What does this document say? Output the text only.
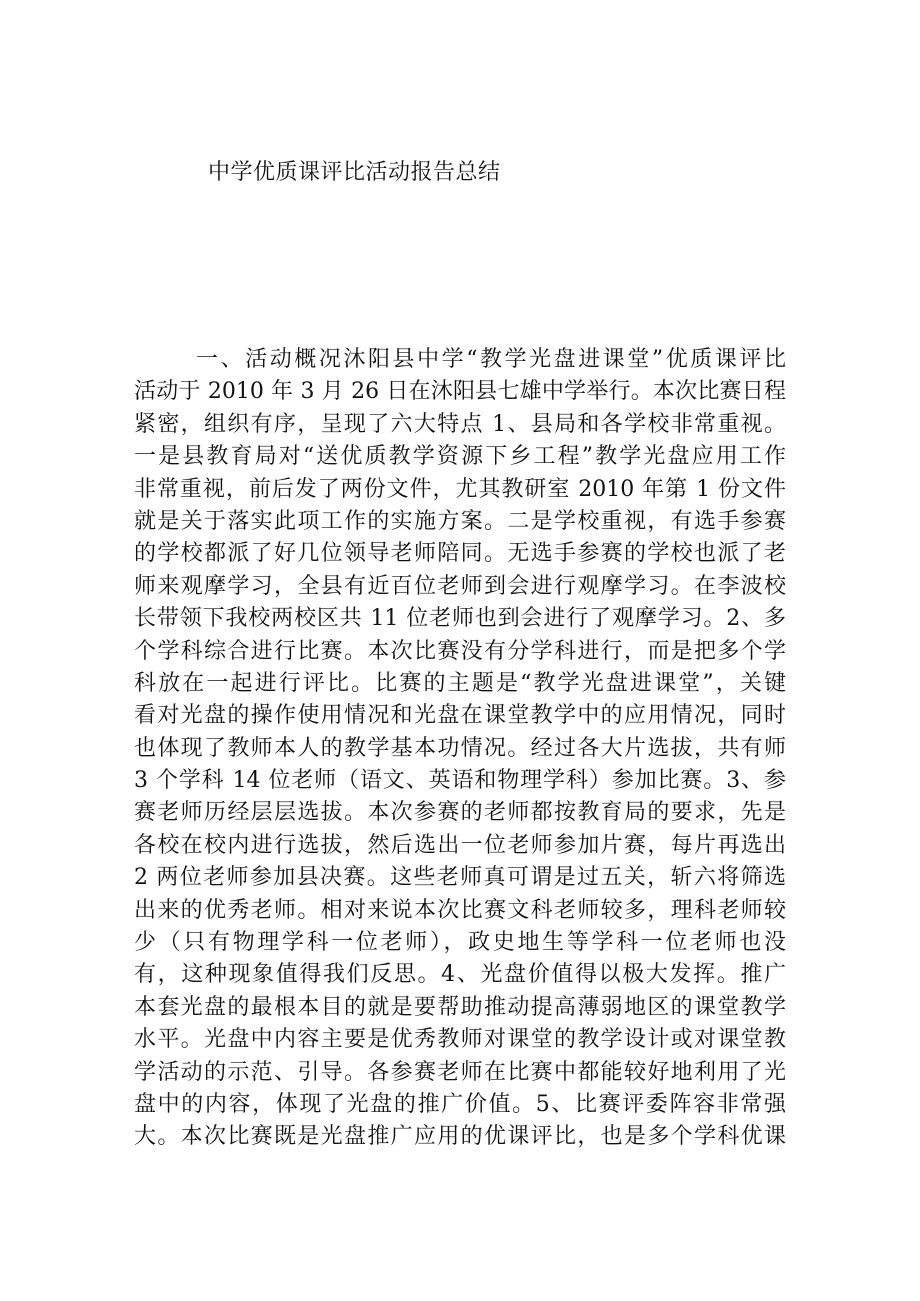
中学优质课评比活动报告总结
一、活动概况沐阳县中学“教学光盘进课堂”优质课评比
活动于 2010 年 3 月 26 日在沐阳县七雄中学举行。本次比赛日程
紧密，组织有序，呈现了六大特点 1、县局和各学校非常重视。
一是县教育局对“送优质教学资源下乡工程”教学光盘应用工作
非常重视，前后发了两份文件，尤其教研室 2010 年第 1 份文件
就是关于落实此项工作的实施方案。二是学校重视，有选手参赛
的学校都派了好几位领导老师陪同。无选手参赛的学校也派了老
师来观摩学习，全县有近百位老师到会进行观摩学习。在李波校
长带领下我校两校区共 11 位老师也到会进行了观摩学习。2、多
个学科综合进行比赛。本次比赛没有分学科进行，而是把多个学
科放在一起进行评比。比赛的主题是“教学光盘进课堂”，关键
看对光盘的操作使用情况和光盘在课堂教学中的应用情况，同时
也体现了教师本人的教学基本功情况。经过各大片选拔，共有师
3 个学科 14 位老师（语文、英语和物理学科）参加比赛。3、参
赛老师历经层层选拔。本次参赛的老师都按教育局的要求，先是
各校在校内进行选拔，然后选出一位老师参加片赛，每片再选出
2 两位老师参加县决赛。这些老师真可谓是过五关，斩六将筛选
出来的优秀老师。相对来说本次比赛文科老师较多，理科老师较
少（只有物理学科一位老师），政史地生等学科一位老师也没
有，这种现象值得我们反思。4、光盘价值得以极大发挥。推广
本套光盘的最根本目的就是要帮助推动提高薄弱地区的课堂教学
水平。光盘中内容主要是优秀教师对课堂的教学设计或对课堂教
学活动的示范、引导。各参赛老师在比赛中都能较好地利用了光
盘中的内容，体现了光盘的推广价值。5、比赛评委阵容非常强
大。本次比赛既是光盘推广应用的优课评比，也是多个学科优课
